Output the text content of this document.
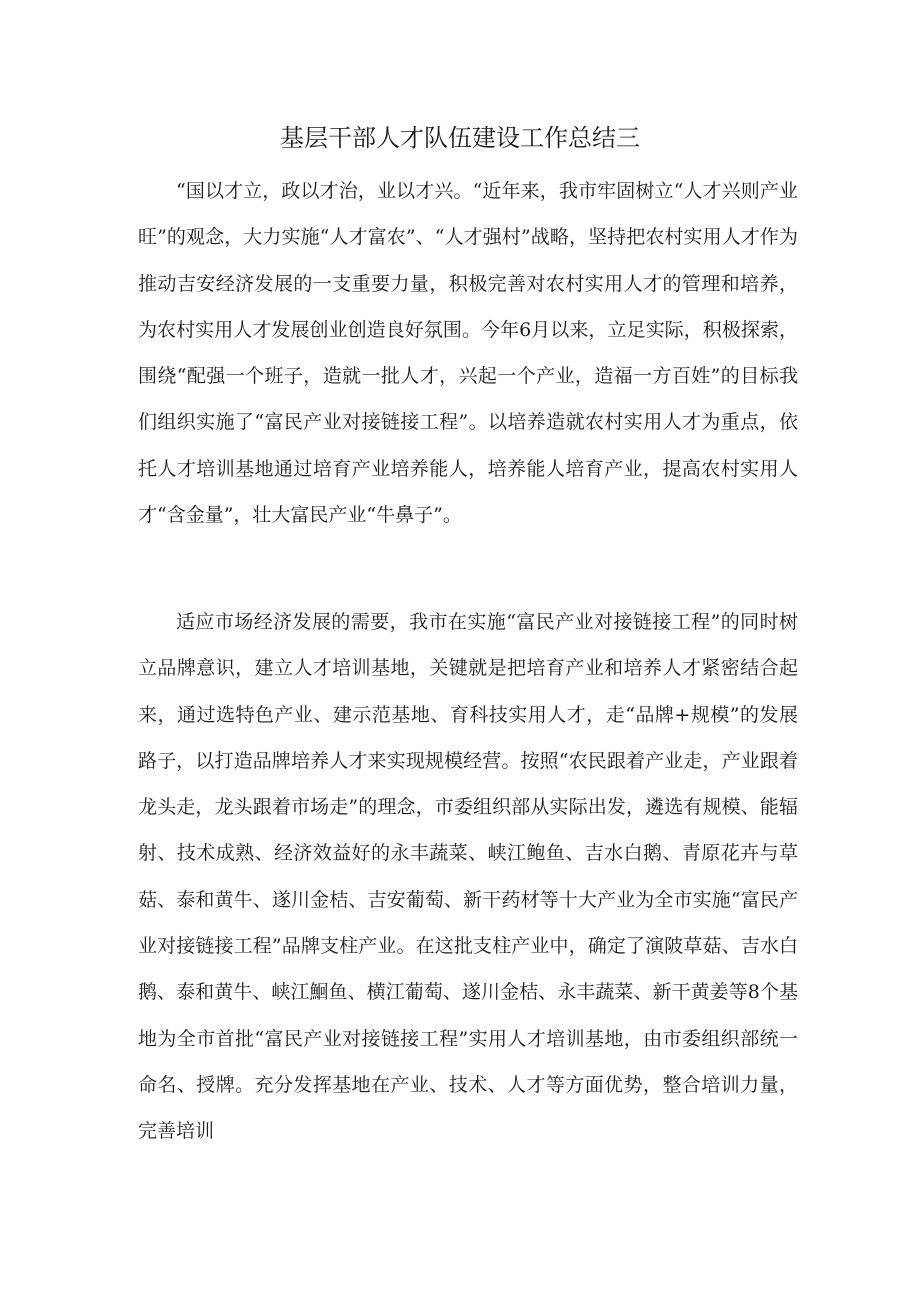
基层干部人才队伍建设工作总结三

“国以才立，政以才治，业以才兴。“近年来，我市牢固树立“人才兴则产业旺”的观念，大力实施“人才富农”、“人才强村”战略，坚持把农村实用人才作为推动吉安经济发展的一支重要力量，积极完善对农村实用人才的管理和培养，为农村实用人才发展创业创造良好氛围。今年6月以来，立足实际，积极探索，围绕“配强一个班子，造就一批人才，兴起一个产业，造福一方百姓”的目标我们组织实施了“富民产业对接链接工程”。以培养造就农村实用人才为重点，依托人才培训基地通过培育产业培养能人，培养能人培育产业，提高农村实用人才“含金量”，壮大富民产业“牛鼻子”。

适应市场经济发展的需要，我市在实施“富民产业对接链接工程”的同时树立品牌意识，建立人才培训基地，关键就是把培育产业和培养人才紧密结合起来，通过选特色产业、建示范基地、育科技实用人才，走“品牌+规模”的发展路子，以打造品牌培养人才来实现规模经营。按照“农民跟着产业走，产业跟着龙头走，龙头跟着市场走”的理念，市委组织部从实际出发，遴选有规模、能辐射、技术成熟、经济效益好的永丰蔬菜、峡江鲍鱼、吉水白鹅、青原花卉与草菇、泰和黄牛、遂川金桔、吉安葡萄、新干药材等十大产业为全市实施“富民产业对接链接工程”品牌支柱产业。在这批支柱产业中，确定了演陂草菇、吉水白鹅、泰和黄牛、峡江鮰鱼、横江葡萄、遂川金桔、永丰蔬菜、新干黄姜等8个基地为全市首批“富民产业对接链接工程”实用人才培训基地，由市委组织部统一命名、授牌。充分发挥基地在产业、技术、人才等方面优势，整合培训力量，完善培训
